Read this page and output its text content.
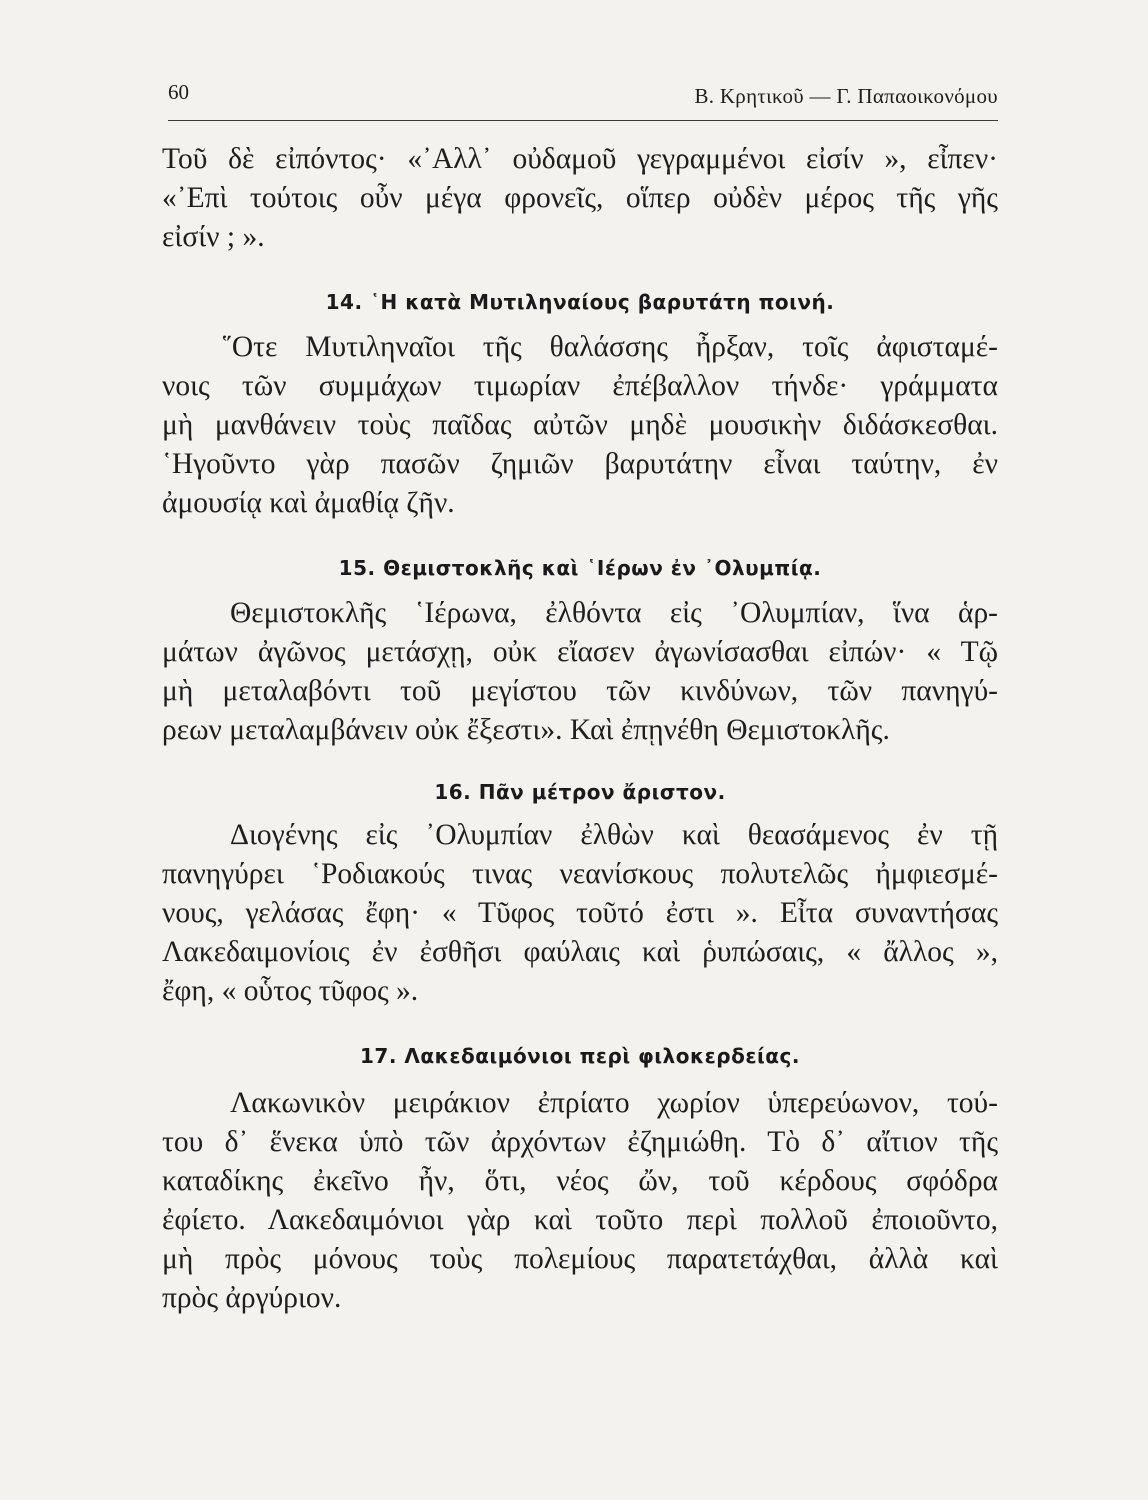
60	Β. Κρητικοῦ — Γ. Παπαοικονόμου

Τοῦ δὲ εἰπόντος· «᾿Αλλ᾿ οὐδαμοῦ γεγραμμένοι εἰσίν », εἶπεν·
«᾿Επὶ τούτοις οὖν μέγα φρονεῖς, οἵπερ οὐδὲν μέρος τῆς γῆς
εἰσίν ; ».

14. ῾Η κατὰ Μυτιληναίους βαρυτάτη ποινή.

῞Οτε Μυτιληναῖοι τῆς θαλάσσης ἦρξαν, τοῖς ἀφισταμέ-
νοις τῶν συμμάχων τιμωρίαν ἐπέβαλλον τήνδε· γράμματα
μὴ μανθάνειν τοὺς παῖδας αὐτῶν μηδὲ μουσικὴν διδάσκεσθαι.
῾Ηγοῦντο γὰρ πασῶν ζημιῶν βαρυτάτην εἶναι ταύτην, ἐν
ἀμουσίᾳ καὶ ἀμαθίᾳ ζῆν.

15. Θεμιστοκλῆς καὶ ῾Ιέρων ἐν ᾿Ολυμπίᾳ.

Θεμιστοκλῆς ῾Ιέρωνα, ἐλθόντα εἰς ᾿Ολυμπίαν, ἵνα ἁρ-
μάτων ἀγῶνος μετάσχῃ, οὐκ εἴασεν ἀγωνίσασθαι εἰπών· « Τῷ
μὴ μεταλαβόντι τοῦ μεγίστου τῶν κινδύνων, τῶν πανηγύ-
ρεων μεταλαμβάνειν οὐκ ἔξεστι». Καὶ ἐπῃνέθη Θεμιστοκλῆς.

16. Πᾶν μέτρον ἄριστον.

Διογένης εἰς ᾿Ολυμπίαν ἐλθὼν καὶ θεασάμενος ἐν τῇ
πανηγύρει ῾Ροδιακούς τινας νεανίσκους πολυτελῶς ἠμφιεσμέ-
νους, γελάσας ἔφη· « Τῦφος τοῦτό ἐστι ». Εἶτα συναντήσας
Λακεδαιμονίοις ἐν ἐσθῆσι φαύλαις καὶ ῥυπώσαις, « ἄλλος »,
ἔφη, « οὗτος τῦφος ».

17. Λακεδαιμόνιοι περὶ φιλοκερδείας.

Λακωνικὸν μειράκιον ἐπρίατο χωρίον ὑπερεύωνον, τού-
του δ᾿ ἕνεκα ὑπὸ τῶν ἀρχόντων ἐζημιώθη. Τὸ δ᾿ αἴτιον τῆς
καταδίκης ἐκεῖνο ἦν, ὅτι, νέος ὤν, τοῦ κέρδους σφόδρα
ἐφίετο. Λακεδαιμόνιοι γὰρ καὶ τοῦτο περὶ πολλοῦ ἐποιοῦντο,
μὴ πρὸς μόνους τοὺς πολεμίους παρατετάχθαι, ἀλλὰ καὶ
πρὸς ἀργύριον.
